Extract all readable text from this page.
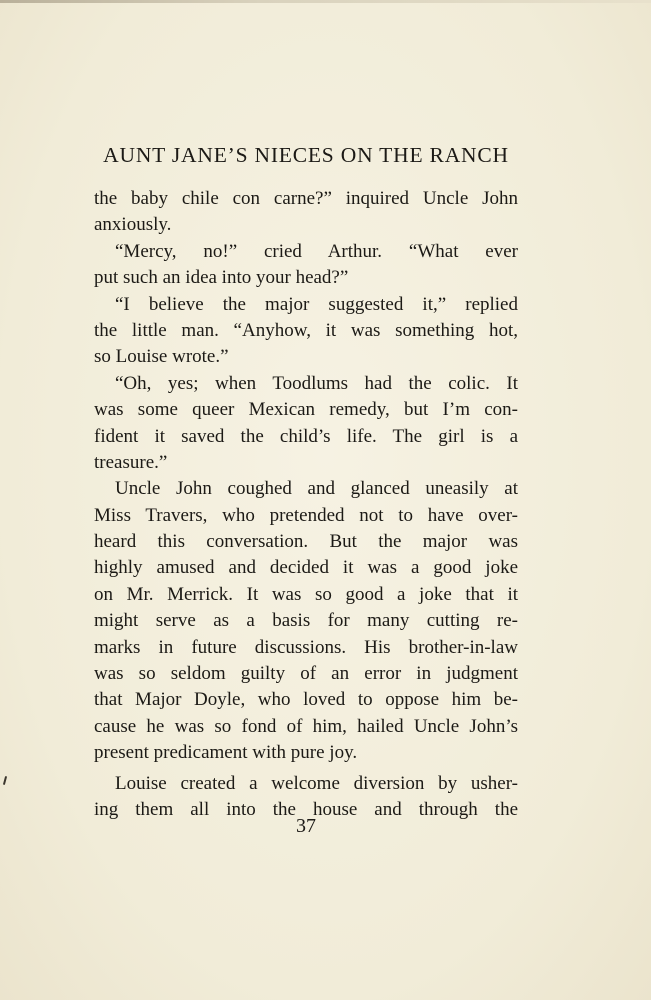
AUNT JANE’S NIECES ON THE RANCH
the baby chile con carne?” inquired Uncle John
anxiously.
“Mercy, no!” cried Arthur. “What ever
put such an idea into your head?”
“I believe the major suggested it,” replied
the little man. “Anyhow, it was something hot,
so Louise wrote.”
“Oh, yes; when Toodlums had the colic. It
was some queer Mexican remedy, but I’m con-
fident it saved the child’s life. The girl is a
treasure.”
Uncle John coughed and glanced uneasily at
Miss Travers, who pretended not to have over-
heard this conversation. But the major was
highly amused and decided it was a good joke
on Mr. Merrick. It was so good a joke that it
might serve as a basis for many cutting re-
marks in future discussions. His brother-in-law
was so seldom guilty of an error in judgment
that Major Doyle, who loved to oppose him be-
cause he was so fond of him, hailed Uncle John’s
present predicament with pure joy.
Louise created a welcome diversion by usher-
ing them all into the house and through the
37
